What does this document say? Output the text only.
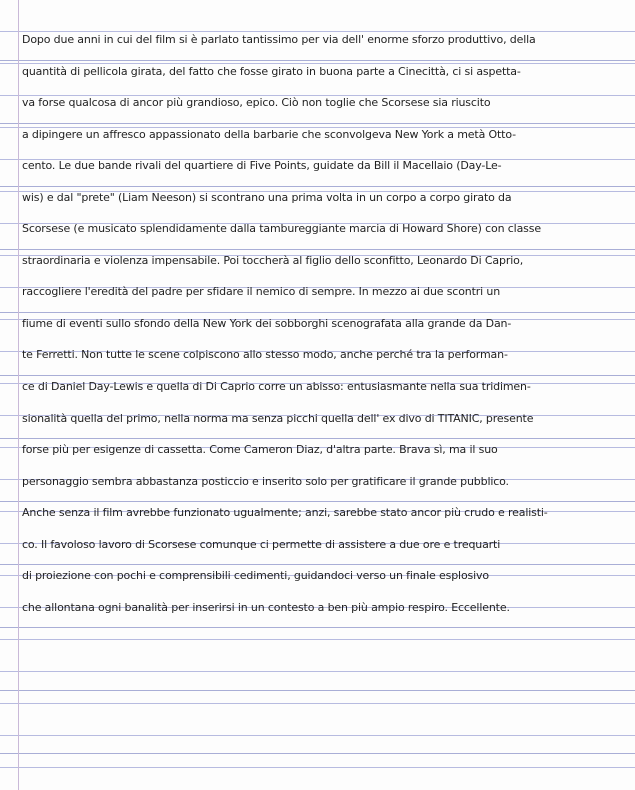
Dopo due anni in cui del film si è parlato tantissimo per via dell' enorme sforzo produttivo, della
quantità di pellicola girata, del fatto che fosse girato in buona parte a Cinecittà, ci si aspetta-
va forse qualcosa di ancor più grandioso, epico. Ciò non toglie che Scorsese sia riuscito
a dipingere un affresco appassionato della barbarie che sconvolgeva New York a metà Otto-
cento. Le due bande rivali del quartiere di Five Points, guidate da Bill il Macellaio (Day-Le-
wis) e dal "prete" (Liam Neeson) si scontrano una prima volta in un corpo a corpo girato da
Scorsese (e musicato splendidamente dalla tambureggiante marcia di Howard Shore) con classe
straordinaria e violenza impensabile. Poi toccherà al figlio dello sconfitto, Leonardo Di Caprio,
raccogliere l'eredità del padre per sfidare il nemico di sempre. In mezzo ai due scontri un
fiume di eventi sullo sfondo della New York dei sobborghi scenografata alla grande da Dan-
te Ferretti. Non tutte le scene colpiscono allo stesso modo, anche perché tra la performan-
ce di Daniel Day-Lewis e quella di Di Caprio corre un abisso: entusiasmante nella sua tridimen-
sionalità quella del primo, nella norma ma senza picchi quella dell' ex divo di TITANIC, presente
forse più per esigenze di cassetta. Come Cameron Diaz, d'altra parte. Brava sì, ma il suo
personaggio sembra abbastanza posticcio e inserito solo per gratificare il grande pubblico.
Anche senza il film avrebbe funzionato ugualmente; anzi, sarebbe stato ancor più crudo e realisti-
co. Il favoloso lavoro di Scorsese comunque ci permette di assistere a due ore e trequarti
di proiezione con pochi e comprensibili cedimenti, guidandoci verso un finale esplosivo
che allontana ogni banalità per inserirsi in un contesto a ben più ampio respiro. Eccellente.
